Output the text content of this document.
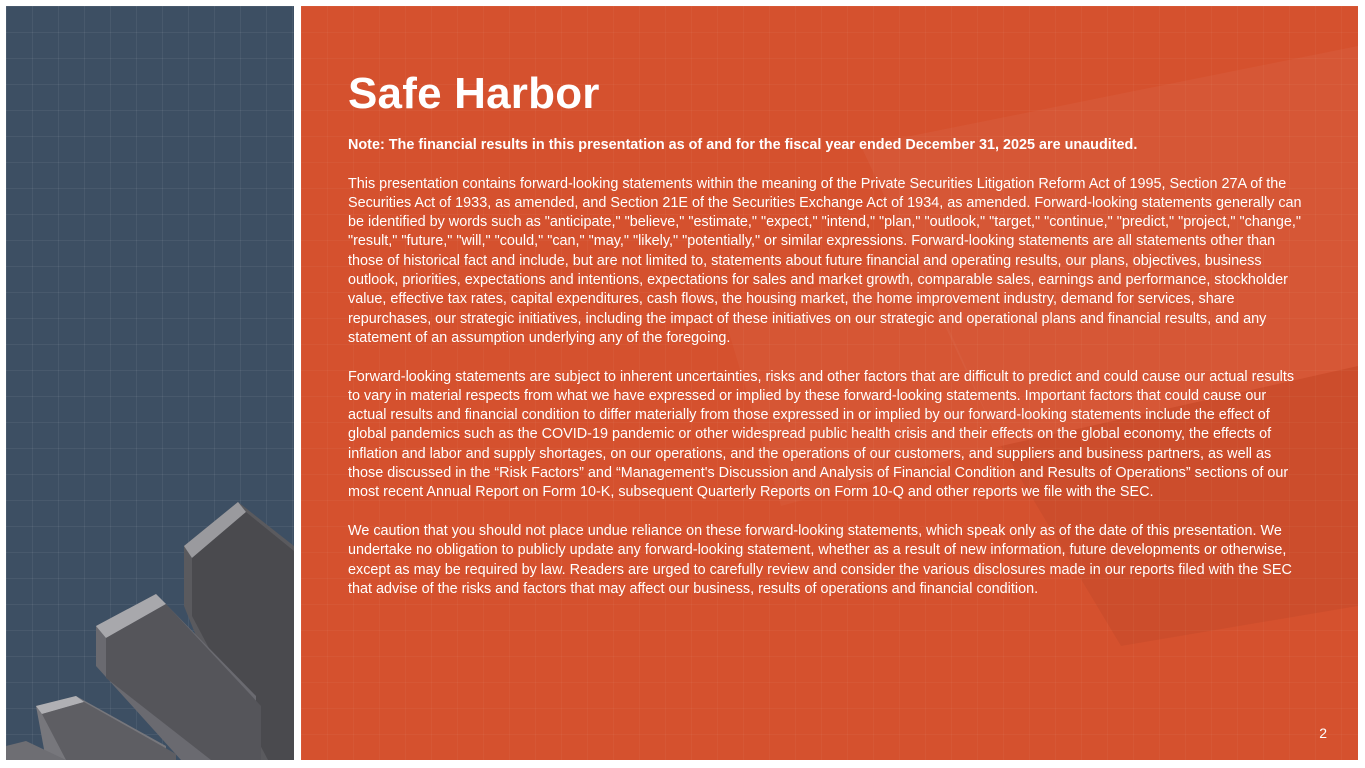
Safe Harbor

Note: The financial results in this presentation as of and for the fiscal year ended December 31, 2025 are unaudited.

This presentation contains forward-looking statements within the meaning of the Private Securities Litigation Reform Act of 1995, Section 27A of the Securities Act of 1933, as amended, and Section 21E of the Securities Exchange Act of 1934, as amended. Forward-looking statements generally can be identified by words such as "anticipate," "believe," "estimate," "expect," "intend," "plan," "outlook," "target," "continue," "predict," "project," "change," "result," "future," "will," "could," "can," "may," "likely," "potentially," or similar expressions. Forward-looking statements are all statements other than those of historical fact and include, but are not limited to, statements about future financial and operating results, our plans, objectives, business outlook, priorities, expectations and intentions, expectations for sales and market growth, comparable sales, earnings and performance, stockholder value, effective tax rates, capital expenditures, cash flows, the housing market, the home improvement industry, demand for services, share repurchases, our strategic initiatives, including the impact of these initiatives on our strategic and operational plans and financial results, and any statement of an assumption underlying any of the foregoing.

Forward-looking statements are subject to inherent uncertainties, risks and other factors that are difficult to predict and could cause our actual results to vary in material respects from what we have expressed or implied by these forward-looking statements. Important factors that could cause our actual results and financial condition to differ materially from those expressed in or implied by our forward-looking statements include the effect of global pandemics such as the COVID-19 pandemic or other widespread public health crisis and their effects on the global economy, the effects of inflation and labor and supply shortages, on our operations, and the operations of our customers, and suppliers and business partners, as well as those discussed in the “Risk Factors” and “Management's Discussion and Analysis of Financial Condition and Results of Operations” sections of our most recent Annual Report on Form 10-K, subsequent Quarterly Reports on Form 10-Q and other reports we file with the SEC.

We caution that you should not place undue reliance on these forward-looking statements, which speak only as of the date of this presentation. We undertake no obligation to publicly update any forward-looking statement, whether as a result of new information, future developments or otherwise, except as may be required by law. Readers are urged to carefully review and consider the various disclosures made in our reports filed with the SEC that advise of the risks and factors that may affect our business, results of operations and financial condition.

2
